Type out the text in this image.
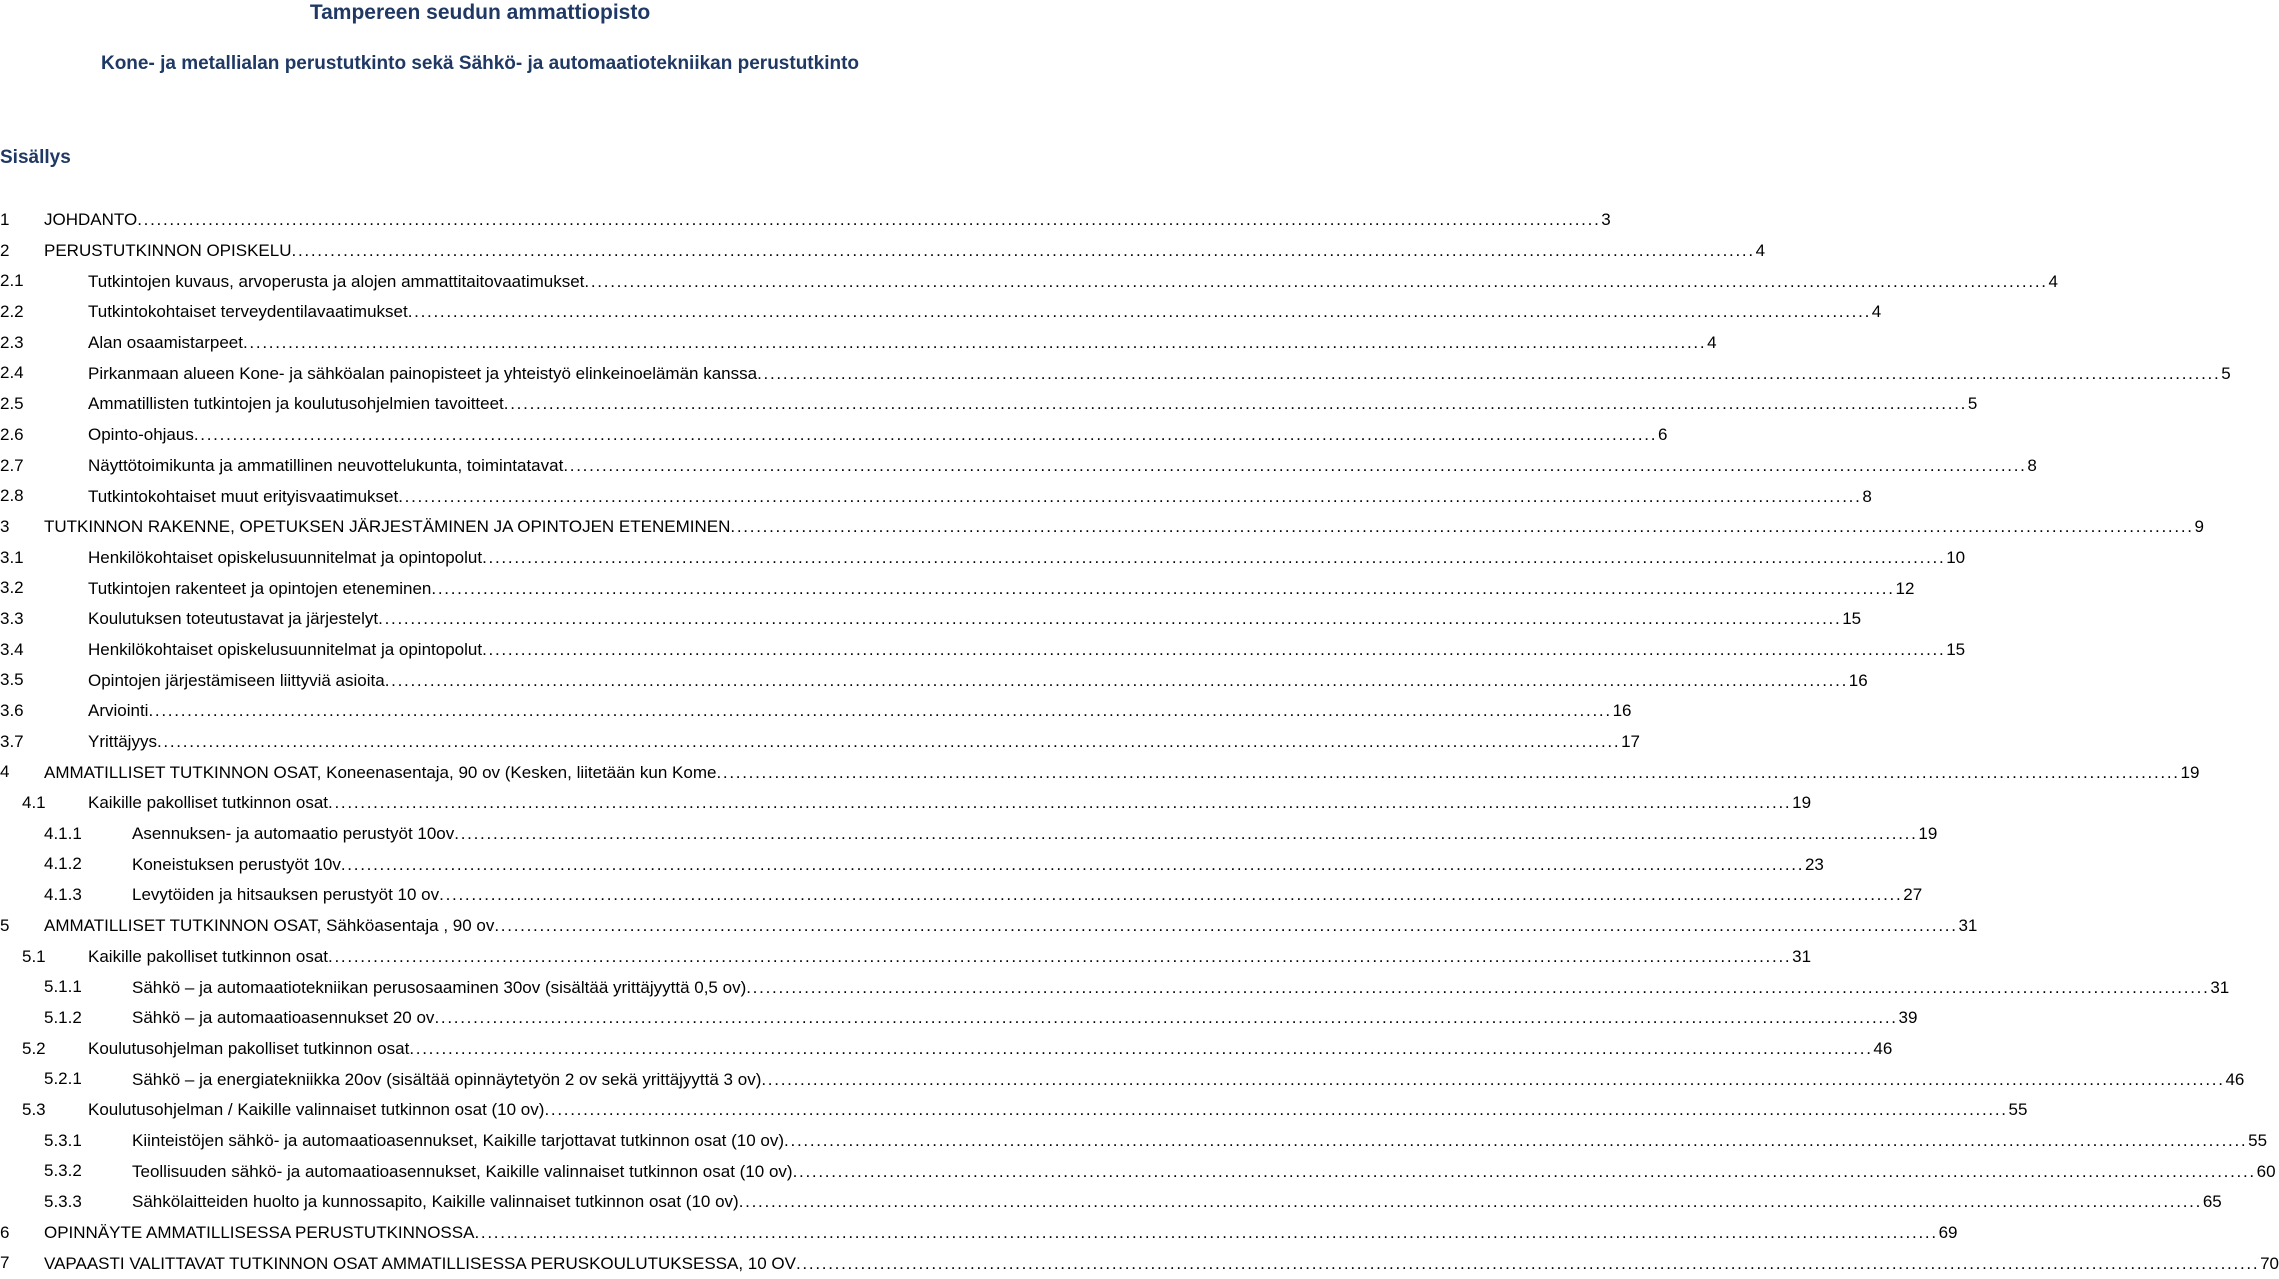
Tampereen seudun ammattiopisto
Kone- ja metallialan perustutkinto sekä Sähkö- ja automaatiotekniikan perustutkinto
Sisällys
1 JOHDANTO . . .	3
2 PERUSTUTKINNON OPISKELU . . .	4
2.1	Tutkintojen kuvaus, arvoperusta ja alojen ammattitaitovaatimukset . . .	4
2.2	Tutkintokohtaiset terveydentilavaatimukset . . .	4
2.3	Alan osaamistarpeet . . .	4
2.4	Pirkanmaan alueen Kone- ja sähköalan painopisteet ja yhteistyö elinkeinoelämän kanssa . . .	5
2.5	Ammatillisten tutkintojen ja koulutusohjelmien tavoitteet . . .	5
2.6	Opinto-ohjaus . . .	6
2.7	Näyttötoimikunta ja ammatillinen neuvottelukunta, toimintatavat . . .	8
2.8	Tutkintokohtaiset muut erityisvaatimukset . . .	8
3 TUTKINNON RAKENNE, OPETUKSEN JÄRJESTÄMINEN JA OPINTOJEN ETENEMINEN . . .	9
3.1	Henkilökohtaiset opiskelusuunnitelmat ja opintopolut . . .	10
3.2	Tutkintojen rakenteet ja opintojen eteneminen . . .	12
3.3	Koulutuksen toteutustavat ja järjestelyt . . .	15
3.4	Henkilökohtaiset opiskelusuunnitelmat ja opintopolut . . .	15
3.5	Opintojen järjestämiseen liittyviä asioita . . .	16
3.6	Arviointi . . .	16
3.7	Yrittäjyys . . .	17
4 AMMATILLISET TUTKINNON OSAT, Koneenasentaja, 90 ov (Kesken, liitetään kun Kome . . .	19
4.1 Kaikille pakolliset tutkinnon osat . . .	19
4.1.1	Asennuksen- ja automaatio perustyöt 10ov . . .	19
4.1.2	Koneistuksen perustyöt 10v . . .	23
4.1.3	Levytöiden ja hitsauksen perustyöt 10 ov . . .	27
5 AMMATILLISET TUTKINNON OSAT, Sähköasentaja , 90 ov . . .	31
5.1 Kaikille pakolliset tutkinnon osat . . .	31
5.1.1	Sähkö – ja automaatiotekniikan perusosaaminen 30ov (sisältää yrittäjyyttä 0,5 ov) . . .	31
5.1.2	Sähkö – ja automaatioasennukset 20 ov . . .	39
5.2 Koulutusohjelman pakolliset tutkinnon osat . . .	46
5.2.1	Sähkö – ja energiatekniikka 20ov (sisältää opinnäytetyön 2 ov sekä yrittäjyyttä 3 ov) . . .	46
5.3 Koulutusohjelman / Kaikille valinnaiset tutkinnon osat (10 ov) . . .	55
5.3.1	Kiinteistöjen sähkö- ja automaatioasennukset, Kaikille tarjottavat tutkinnon osat (10 ov) . . .	55
5.3.2	Teollisuuden sähkö- ja automaatioasennukset, Kaikille valinnaiset tutkinnon osat (10 ov) . . .	60
5.3.3	Sähkölaitteiden huolto ja kunnossapito, Kaikille valinnaiset tutkinnon osat (10 ov) . . .	65
6 OPINNÄYTE AMMATILLISESSA PERUSTUTKINNOSSA . . .	69
7 VAPAASTI VALITTAVAT TUTKINNON OSAT AMMATILLISESSA PERUSKOULUTUKSESSA, 10 OV . . .	70
